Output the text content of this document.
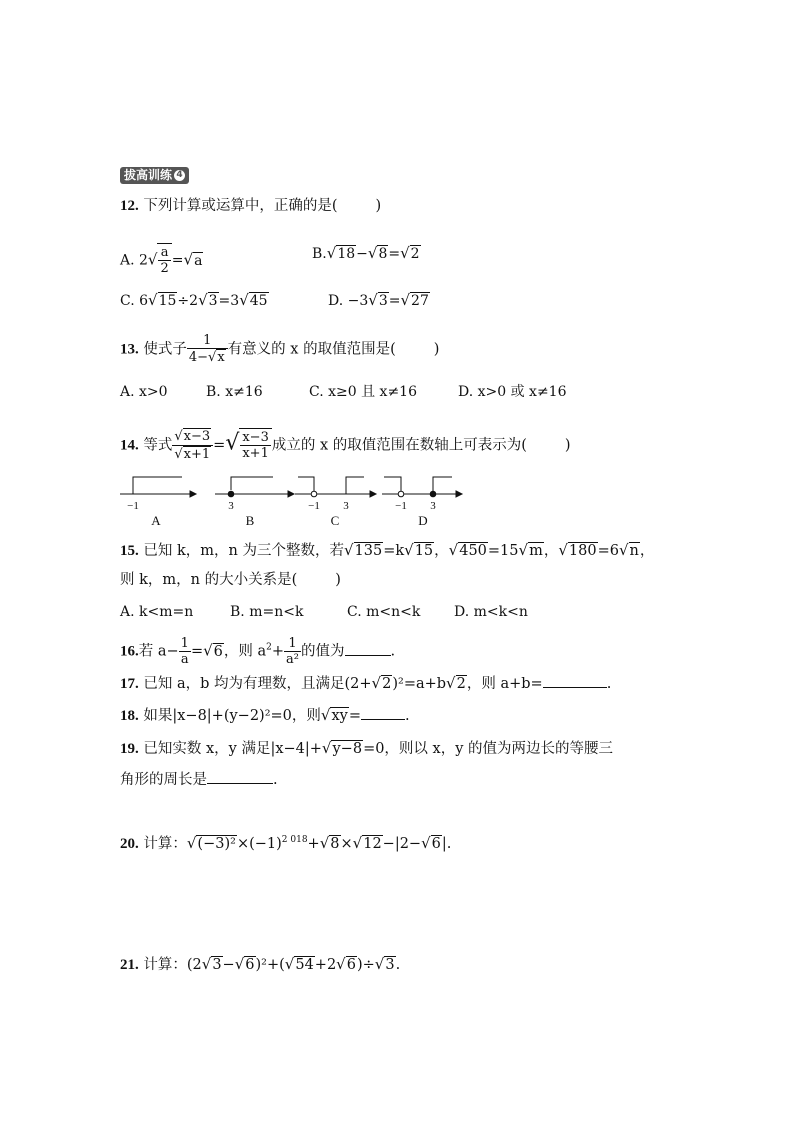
拔高训练 4
12. 下列计算或运算中，正确的是(	)
A. $2√ \frac{a}{2} =√a$	B.√18−√8=√2
C. 6√15÷2√3=3√45	D. −3√3=√27
13. 使式子 $\frac{1}{4-√x}$ 有意义的 x 的取值范围是(	)
A. x>0	B. x≠16	C. x≥0 且 x≠16	D. x>0 或 x≠16
14. 等式 $\frac{√x-3}{√x+1}$ =√ $\frac{x-3}{x+1}$ 成立的 x 的取值范围在数轴上可表示为(	)
−1	3	−1 3	−1 3
A	B	C	D
15. 已知 k，m，n 为三个整数，若√135=k√15，√450=15√m，√180=6√n，
则 k，m，n 的大小关系是(	)
A. k<m=n	B. m=n<k	C. m<n<k D. m<k<n
16.若 $a- \frac{1}{a} =√6$，则 $a^2+ \frac{1}{\text{a²}}$ 的值为	.
17. 已知 a，b 均为有理数，且满足(2+√2)²=a+b√2，则 a+b=	.
18. 如果|x−8|+(y−2)²=0，则√xy=	.
19. 已知实数 x，y 满足|x−4|+√y−8=0，则以 x，y 的值为两边长的等腰三
角形的周长是	.
20. 计算：$√(-3)^2\times(-1)^{2 018}+√8\times√12-|2-√6|$.
21. 计算：(2√3−√6)²+(√54+2√6)÷√3.
